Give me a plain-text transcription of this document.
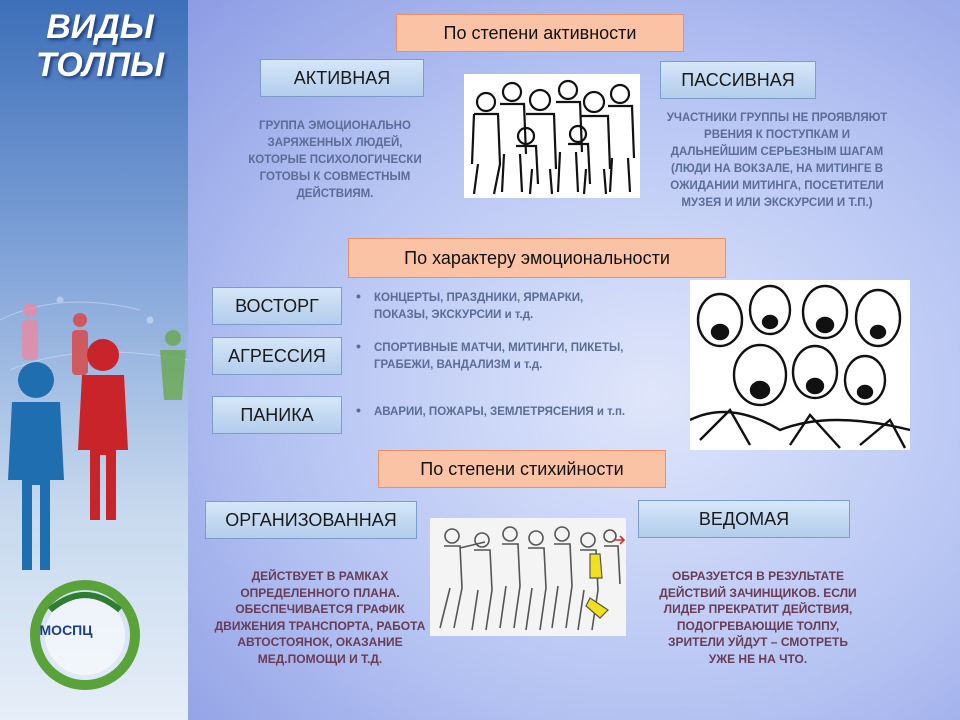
ВИДЫ
ТОЛПЫ
МОСПЦ
По степени активности
АКТИВНАЯ	ПАССИВНАЯ
ГРУППА ЭМОЦИОНАЛЬНО
ЗАРЯЖЕННЫХ ЛЮДЕЙ,
КОТОРЫЕ ПСИХОЛОГИЧЕСКИ
ГОТОВЫ К СОВМЕСТНЫМ
ДЕЙСТВИЯМ.
УЧАСТНИКИ ГРУППЫ НЕ ПРОЯВЛЯЮТ
РВЕНИЯ К ПОСТУПКАМ И
ДАЛЬНЕЙШИМ СЕРЬЕЗНЫМ ШАГАМ
(ЛЮДИ НА ВОКЗАЛЕ, НА МИТИНГЕ В
ОЖИДАНИИ МИТИНГА, ПОСЕТИТЕЛИ
МУЗЕЯ И ИЛИ ЭКСКУРСИИ И Т.П.)
По характеру эмоциональности
ВОСТОРГ
АГРЕССИЯ
ПАНИКА
• КОНЦЕРТЫ, ПРАЗДНИКИ, ЯРМАРКИ,
ПОКАЗЫ, ЭКСКУРСИИ и т.д.
• СПОРТИВНЫЕ МАТЧИ, МИТИНГИ, ПИКЕТЫ,
ГРАБЕЖИ, ВАНДАЛИЗМ и т.д.
• АВАРИИ, ПОЖАРЫ, ЗЕМЛЕТРЯСЕНИЯ и т.п.
По степени стихийности
ОРГАНИЗОВАННАЯ	ВЕДОМАЯ
ДЕЙСТВУЕТ В РАМКАХ
ОПРЕДЕЛЕННОГО ПЛАНА.
ОБЕСПЕЧИВАЕТСЯ ГРАФИК
ДВИЖЕНИЯ ТРАНСПОРТА, РАБОТА
АВТОСТОЯНОК, ОКАЗАНИЕ
МЕД.ПОМОЩИ И Т.Д.
ОБРАЗУЕТСЯ В РЕЗУЛЬТАТЕ
ДЕЙСТВИЙ ЗАЧИНЩИКОВ. ЕСЛИ
ЛИДЕР ПРЕКРАТИТ ДЕЙСТВИЯ,
ПОДОГРЕВАЮЩИЕ ТОЛПУ,
ЗРИТЕЛИ УЙДУТ – СМОТРЕТЬ
УЖЕ НЕ НА ЧТО.
